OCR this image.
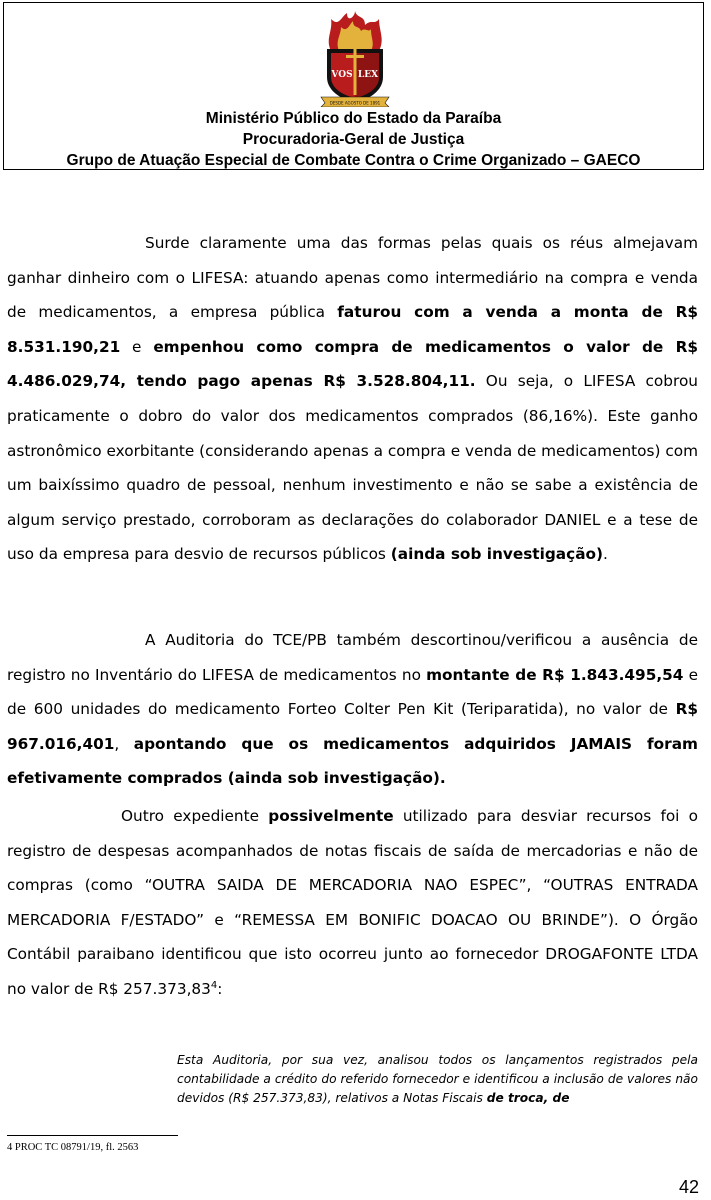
VOS LEX
DESDE AGOSTO DE 1891
Ministério Público do Estado da Paraíba
Procuradoria-Geral de Justiça
Grupo de Atuação Especial de Combate Contra o Crime Organizado – GAECO

Surde claramente uma das formas pelas quais os réus almejavam ganhar dinheiro com o LIFESA: atuando apenas como intermediário na compra e venda de medicamentos, a empresa pública faturou com a venda a monta de R$ 8.531.190,21 e empenhou como compra de medicamentos o valor de R$ 4.486.029,74, tendo pago apenas R$ 3.528.804,11. Ou seja, o LIFESA cobrou praticamente o dobro do valor dos medicamentos comprados (86,16%). Este ganho astronômico exorbitante (considerando apenas a compra e venda de medicamentos) com um baixíssimo quadro de pessoal, nenhum investimento e não se sabe a existência de algum serviço prestado, corroboram as declarações do colaborador DANIEL e a tese de uso da empresa para desvio de recursos públicos (ainda sob investigação).

A Auditoria do TCE/PB também descortinou/verificou a ausência de registro no Inventário do LIFESA de medicamentos no montante de R$ 1.843.495,54 e de 600 unidades do medicamento Forteo Colter Pen Kit (Teriparatida), no valor de R$ 967.016,401, apontando que os medicamentos adquiridos JAMAIS foram efetivamente comprados (ainda sob investigação).

Outro expediente possivelmente utilizado para desviar recursos foi o registro de despesas acompanhados de notas fiscais de saída de mercadorias e não de compras (como “OUTRA SAIDA DE MERCADORIA NAO ESPEC”, “OUTRAS ENTRADA MERCADORIA F/ESTADO” e “REMESSA EM BONIFIC DOACAO OU BRINDE”). O Órgão Contábil paraibano identificou que isto ocorreu junto ao fornecedor DROGAFONTE LTDA no valor de R$ 257.373,83$^4$:

Esta Auditoria, por sua vez, analisou todos os lançamentos registrados pela contabilidade a crédito do referido fornecedor e identificou a inclusão de valores não devidos (R$ 257.373,83), relativos a Notas Fiscais de troca, de

4 PROC TC 08791/19, fl. 2563
42
